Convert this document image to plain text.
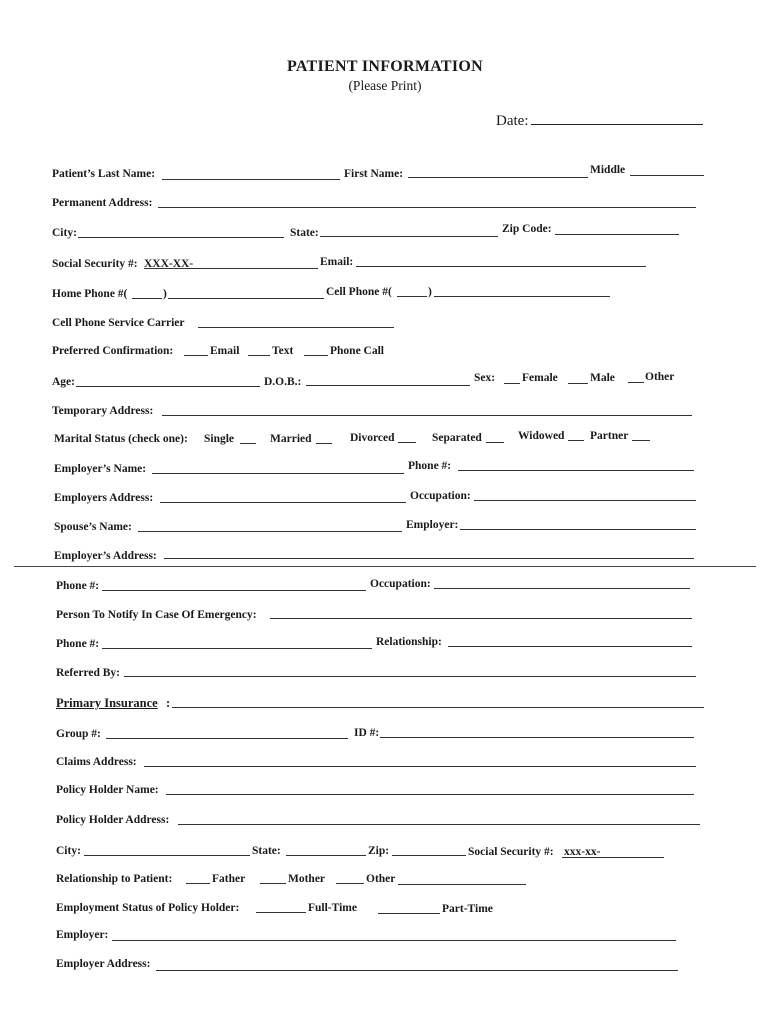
PATIENT INFORMATION
(Please Print)
Date:
Patient’s Last Name:	First Name:	Middle
Permanent Address:
City:	State:	Zip Code:
Social Security #: XXX-XX-	Email:
Home Phone #(	)	Cell Phone #(	)
Cell Phone Service Carrier
Preferred Confirmation:	Email	Text	Phone Call
Age:	D.O.B.:	Sex: Female	Male	Other
Temporary Address:
Marital Status (check one): Single	Married	Divorced	Separated	Widowed Partner
Employer’s Name:	Phone #:
Employers Address:	Occupation:
Spouse’s Name:	Employer:
Employer’s Address:
Phone #:	Occupation:
Person To Notify In Case Of Emergency:
Phone #:	Relationship:
Referred By:
Primary Insurance :
Group #:	ID #:
Claims Address:
Policy Holder Name:
Policy Holder Address:
City:	State:	Zip:	Social Security #: xxx-xx-
Relationship to Patient:	Father	Mother	Other
Employment Status of Policy Holder:	Full-Time	Part-Time
Employer:
Employer Address:
